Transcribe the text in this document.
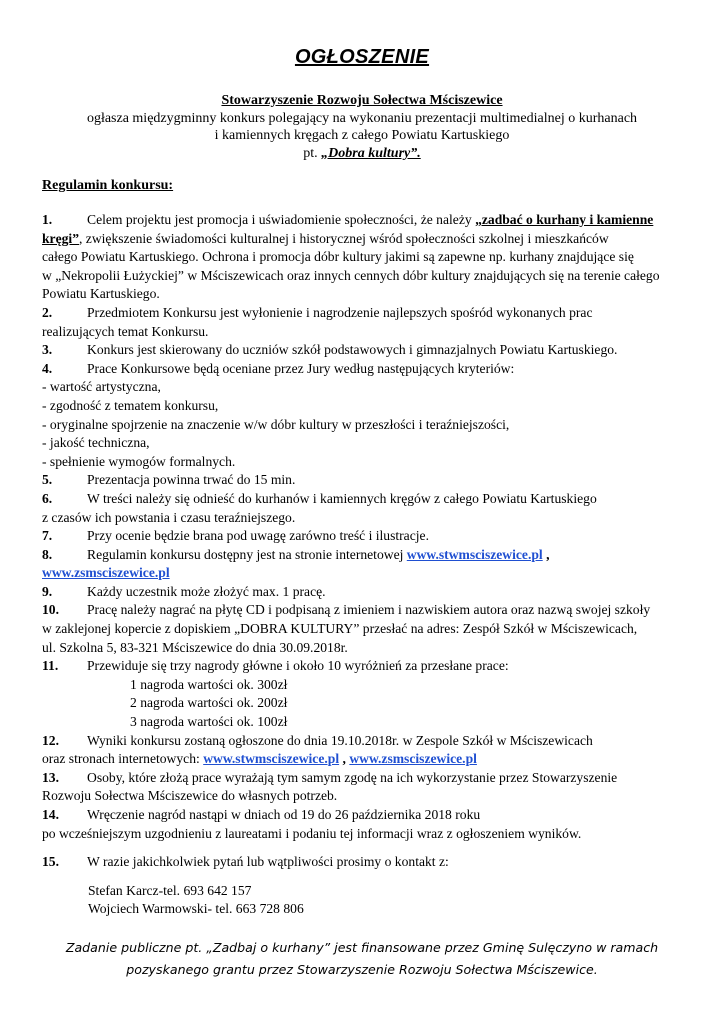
OGŁOSZENIE
Stowarzyszenie Rozwoju Sołectwa Mściszewice
ogłasza międzygminny konkurs polegający na wykonaniu prezentacji multimedialnej o kurhanach
i kamiennych kręgach z całego Powiatu Kartuskiego
pt. „Dobra kultury”.
Regulamin konkursu:
1.	Celem projektu jest promocja i uświadomienie społeczności, że należy „zadbać o kurhany i kamienne
kręgi”, zwiększenie świadomości kulturalnej i historycznej wśród społeczności szkolnej i mieszkańców
całego Powiatu Kartuskiego. Ochrona i promocja dóbr kultury jakimi są zapewne np. kurhany znajdujące się
w „Nekropolii Łużyckiej” w Mściszewicach oraz innych cennych dóbr kultury znajdujących się na terenie całego
Powiatu Kartuskiego.
2.	Przedmiotem Konkursu jest wyłonienie i nagrodzenie najlepszych spośród wykonanych prac
realizujących temat Konkursu.
3.	Konkurs jest skierowany do uczniów szkół podstawowych i gimnazjalnych Powiatu Kartuskiego.
4.	Prace Konkursowe będą oceniane przez Jury według następujących kryteriów:
- wartość artystyczna,
- zgodność z tematem konkursu,
- oryginalne spojrzenie na znaczenie w/w dóbr kultury w przeszłości i teraźniejszości,
- jakość techniczna,
- spełnienie wymogów formalnych.
5.	Prezentacja powinna trwać do 15 min.
6.	W treści należy się odnieść do kurhanów i kamiennych kręgów z całego Powiatu Kartuskiego
z czasów ich powstania i czasu teraźniejszego.
7.	Przy ocenie będzie brana pod uwagę zarówno treść i ilustracje.
8.	Regulamin konkursu dostępny jest na stronie internetowej www.stwmsciszewice.pl ,
www.zsmsciszewice.pl
9.	Każdy uczestnik może złożyć max. 1 pracę.
10. Pracę należy nagrać na płytę CD i podpisaną z imieniem i nazwiskiem autora oraz nazwą swojej szkoły
w zaklejonej kopercie z dopiskiem „DOBRA KULTURY” przesłać na adres: Zespół Szkół w Mściszewicach,
ul. Szkolna 5, 83-321 Mściszewice do dnia 30.09.2018r.
11. Przewiduje się trzy nagrody główne i około 10 wyróżnień za przesłane prace:
1 nagroda wartości ok. 300zł
2 nagroda wartości ok. 200zł
3 nagroda wartości ok. 100zł
12. Wyniki konkursu zostaną ogłoszone do dnia 19.10.2018r. w Zespole Szkół w Mściszewicach
oraz stronach internetowych: www.stwmsciszewice.pl , www.zsmsciszewice.pl
13. Osoby, które złożą prace wyrażają tym samym zgodę na ich wykorzystanie przez Stowarzyszenie
Rozwoju Sołectwa Mściszewice do własnych potrzeb.
14. Wręczenie nagród nastąpi w dniach od 19 do 26 października 2018 roku
po wcześniejszym uzgodnieniu z laureatami i podaniu tej informacji wraz z ogłoszeniem wyników.
15. W razie jakichkolwiek pytań lub wątpliwości prosimy o kontakt z:
Stefan Karcz-tel. 693 642 157
Wojciech Warmowski- tel. 663 728 806
Zadanie publiczne pt. „Zadbaj o kurhany” jest finansowane przez Gminę Sulęczyno w ramach
pozyskanego grantu przez Stowarzyszenie Rozwoju Sołectwa Mściszewice.
